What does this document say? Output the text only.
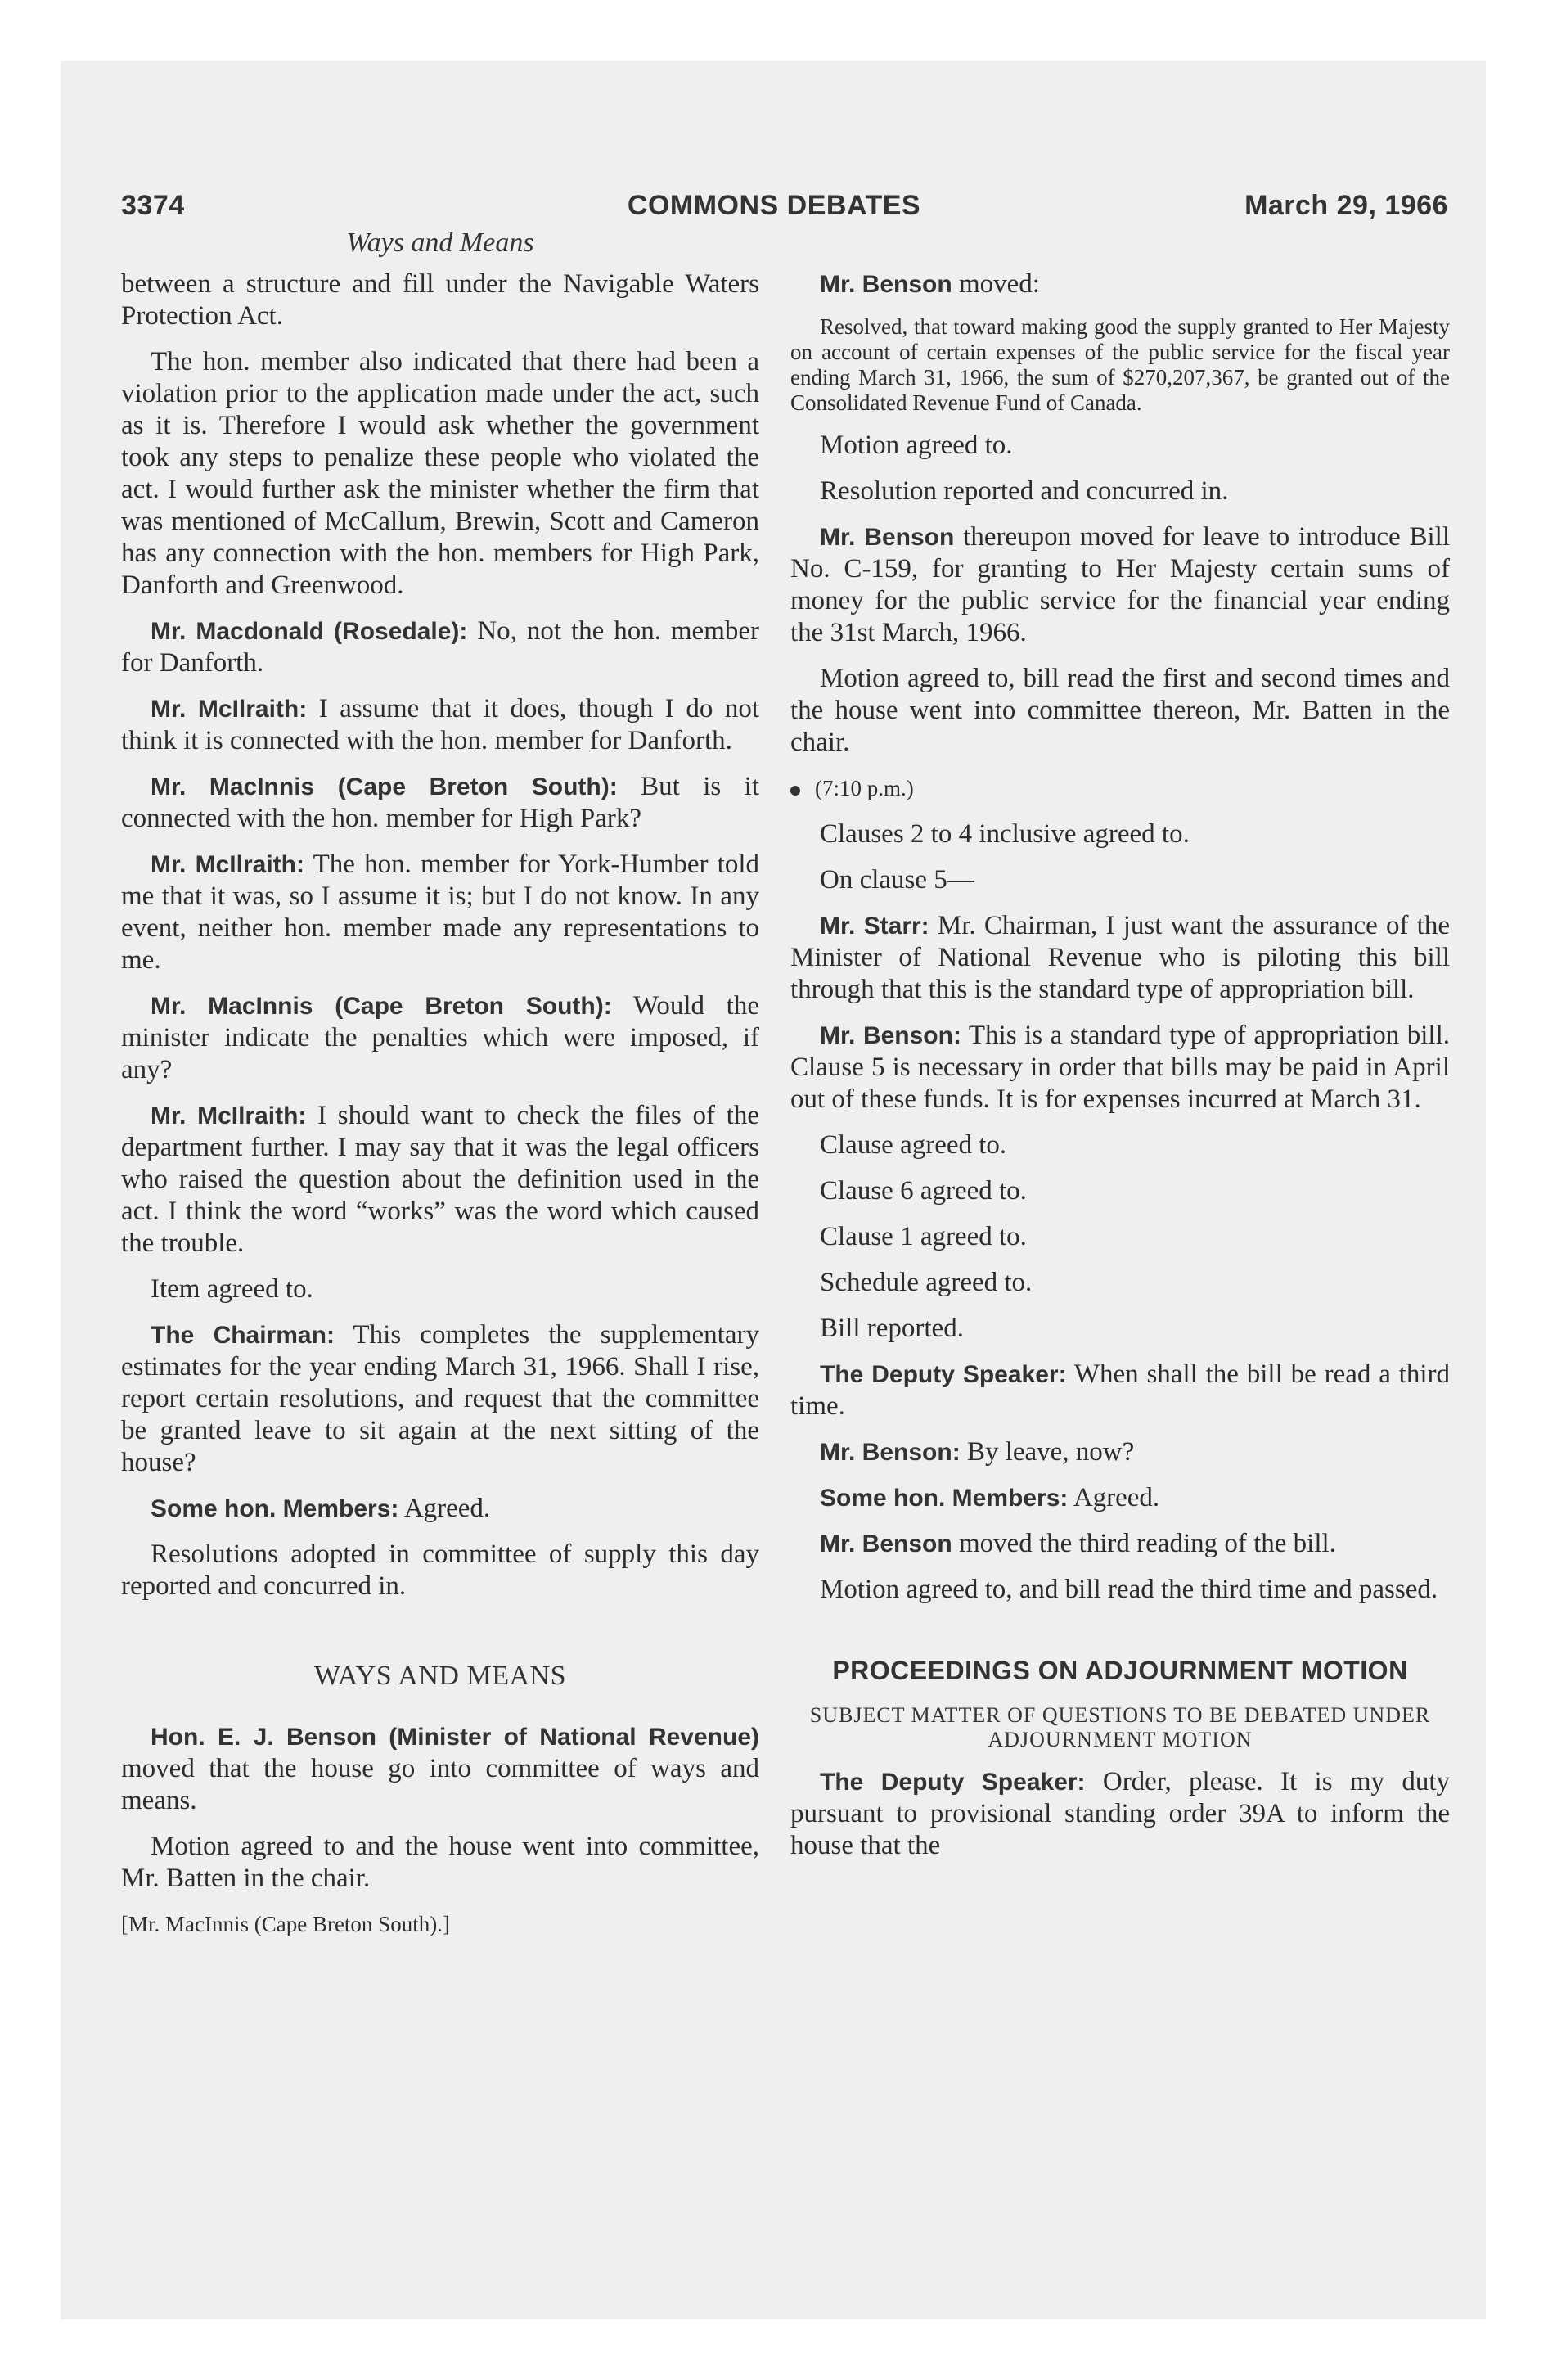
3374	COMMONS DEBATES	March 29, 1966
Ways and Means

between a structure and fill under the Navigable Waters Protection Act.

The hon. member also indicated that there had been a violation prior to the application made under the act, such as it is. Therefore I would ask whether the government took any steps to penalize these people who violated the act. I would further ask the minister whether the firm that was mentioned of McCallum, Brewin, Scott and Cameron has any connection with the hon. members for High Park, Danforth and Greenwood.

Mr. Macdonald (Rosedale): No, not the hon. member for Danforth.

Mr. McIlraith: I assume that it does, though I do not think it is connected with the hon. member for Danforth.

Mr. MacInnis (Cape Breton South): But is it connected with the hon. member for High Park?

Mr. McIlraith: The hon. member for York-Humber told me that it was, so I assume it is; but I do not know. In any event, neither hon. member made any representations to me.

Mr. MacInnis (Cape Breton South): Would the minister indicate the penalties which were imposed, if any?

Mr. McIlraith: I should want to check the files of the department further. I may say that it was the legal officers who raised the question about the definition used in the act. I think the word “works” was the word which caused the trouble.

Item agreed to.

The Chairman: This completes the supplementary estimates for the year ending March 31, 1966. Shall I rise, report certain resolutions, and request that the committee be granted leave to sit again at the next sitting of the house?

Some hon. Members: Agreed.

Resolutions adopted in committee of supply this day reported and concurred in.

WAYS AND MEANS

Hon. E. J. Benson (Minister of National Revenue) moved that the house go into committee of ways and means.

Motion agreed to and the house went into committee, Mr. Batten in the chair.

[Mr. MacInnis (Cape Breton South).]

Mr. Benson moved:

Resolved, that toward making good the supply granted to Her Majesty on account of certain expenses of the public service for the fiscal year ending March 31, 1966, the sum of $270,207,367, be granted out of the Consolidated Revenue Fund of Canada.

Motion agreed to.

Resolution reported and concurred in.

Mr. Benson thereupon moved for leave to introduce Bill No. C-159, for granting to Her Majesty certain sums of money for the public service for the financial year ending the 31st March, 1966.

Motion agreed to, bill read the first and second times and the house went into committee thereon, Mr. Batten in the chair.

(7:10 p.m.)

Clauses 2 to 4 inclusive agreed to.

On clause 5—

Mr. Starr: Mr. Chairman, I just want the assurance of the Minister of National Revenue who is piloting this bill through that this is the standard type of appropriation bill.

Mr. Benson: This is a standard type of appropriation bill. Clause 5 is necessary in order that bills may be paid in April out of these funds. It is for expenses incurred at March 31.

Clause agreed to.

Clause 6 agreed to.

Clause 1 agreed to.

Schedule agreed to.

Bill reported.

The Deputy Speaker: When shall the bill be read a third time.

Mr. Benson: By leave, now?

Some hon. Members: Agreed.

Mr. Benson moved the third reading of the bill.

Motion agreed to, and bill read the third time and passed.

PROCEEDINGS ON ADJOURNMENT MOTION

SUBJECT MATTER OF QUESTIONS TO BE DEBATED UNDER ADJOURNMENT MOTION

The Deputy Speaker: Order, please. It is my duty pursuant to provisional standing order 39A to inform the house that the
